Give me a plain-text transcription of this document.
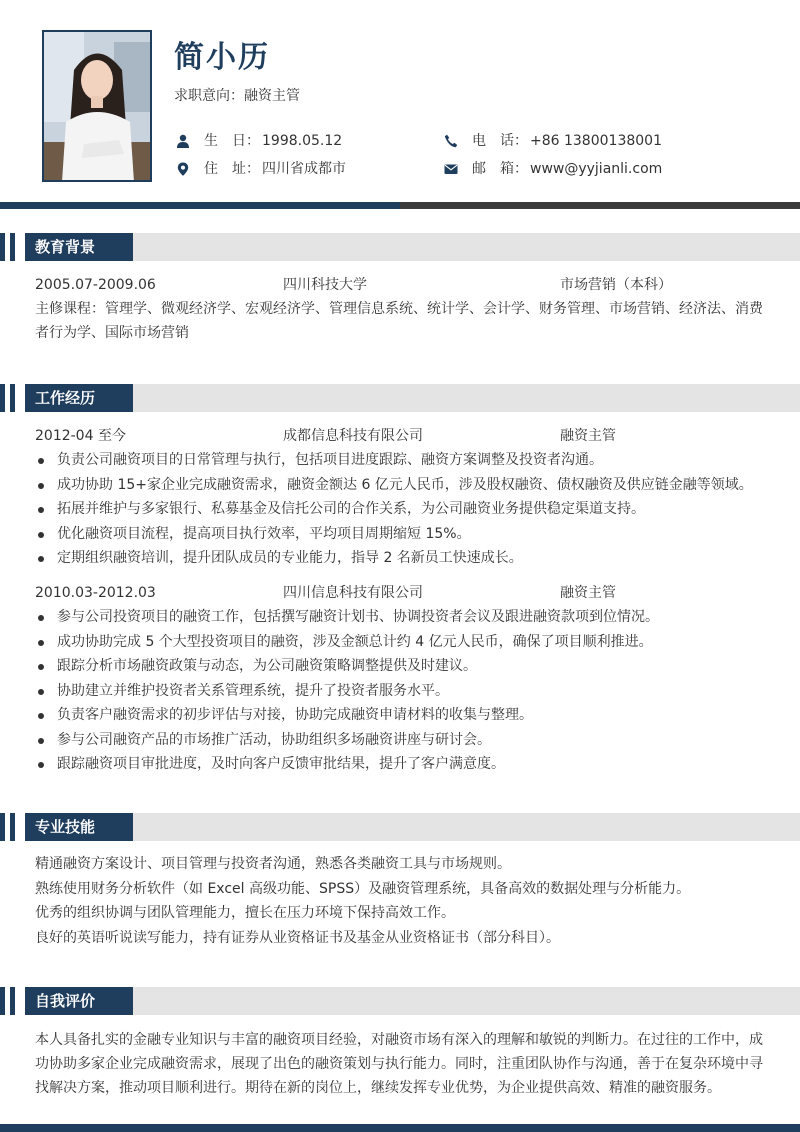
简小历
求职意向：融资主管
生　日： 1998.05.12
住　址： 四川省成都市
电　话： +86 13800138001
邮　箱： www@yyjianli.com
教育背景
2005.07-2009.06	四川科技大学	市场营销（本科）
主修课程：管理学、微观经济学、宏观经济学、管理信息系统、统计学、会计学、财务管理、市场营销、经济法、消费者行为学、国际市场营销
工作经历
2012-04 至今	成都信息科技有限公司	融资主管
负责公司融资项目的日常管理与执行，包括项目进度跟踪、融资方案调整及投资者沟通。
成功协助 15+家企业完成融资需求，融资金额达 6 亿元人民币，涉及股权融资、债权融资及供应链金融等领域。
拓展并维护与多家银行、私募基金及信托公司的合作关系，为公司融资业务提供稳定渠道支持。
优化融资项目流程，提高项目执行效率，平均项目周期缩短 15%。
定期组织融资培训，提升团队成员的专业能力，指导 2 名新员工快速成长。
2010.03-2012.03	四川信息科技有限公司	融资主管
参与公司投资项目的融资工作，包括撰写融资计划书、协调投资者会议及跟进融资款项到位情况。
成功协助完成 5 个大型投资项目的融资，涉及金额总计约 4 亿元人民币，确保了项目顺利推进。
跟踪分析市场融资政策与动态，为公司融资策略调整提供及时建议。
协助建立并维护投资者关系管理系统，提升了投资者服务水平。
负责客户融资需求的初步评估与对接，协助完成融资申请材料的收集与整理。
参与公司融资产品的市场推广活动，协助组织多场融资讲座与研讨会。
跟踪融资项目审批进度，及时向客户反馈审批结果，提升了客户满意度。
专业技能
精通融资方案设计、项目管理与投资者沟通，熟悉各类融资工具与市场规则。
熟练使用财务分析软件（如 Excel 高级功能、SPSS）及融资管理系统，具备高效的数据处理与分析能力。
优秀的组织协调与团队管理能力，擅长在压力环境下保持高效工作。
良好的英语听说读写能力，持有证券从业资格证书及基金从业资格证书（部分科目）。
自我评价
本人具备扎实的金融专业知识与丰富的融资项目经验，对融资市场有深入的理解和敏锐的判断力。在过往的工作中，成功协助多家企业完成融资需求，展现了出色的融资策划与执行能力。同时，注重团队协作与沟通，善于在复杂环境中寻找解决方案，推动项目顺利进行。期待在新的岗位上，继续发挥专业优势，为企业提供高效、精准的融资服务。
